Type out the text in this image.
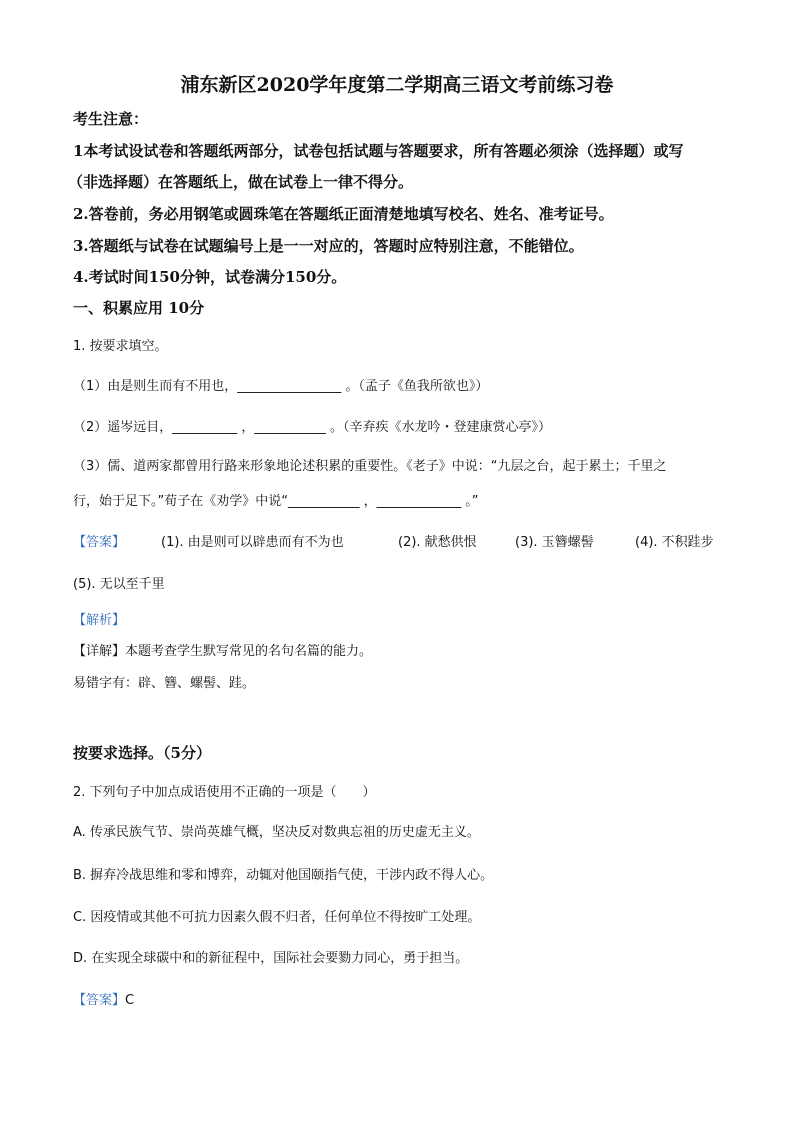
浦东新区2020学年度第二学期高三语文考前练习卷
考生注意：
1本考试设试卷和答题纸两部分，试卷包括试题与答题要求，所有答题必须涂（选择题）或写
（非选择题）在答题纸上，做在试卷上一律不得分。
2.答卷前，务必用钢笔或圆珠笔在答题纸正面清楚地填写校名、姓名、准考证号。
3.答题纸与试卷在试题编号上是一一对应的，答题时应特别注意，不能错位。
4.考试时间150分钟，试卷满分150分。
一、积累应用 10分
1. 按要求填空。
（1）由是则生而有不用也，________________ 。（孟子《鱼我所欲也》）
（2）遥岑远目，__________ ，___________ 。（辛弃疾《水龙吟・登建康赏心亭》）
（3）儒、道两家都曾用行路来形象地论述积累的重要性。《老子》中说：“九层之台，起于累土；千里之
行，始于足下。”荀子在《劝学》中说“___________ ，_____________ 。”
【答案】	(1). 由是则可以辟患而有不为也	(2). 献愁供恨	(3). 玉簪螺髻	(4). 不积跬步
(5). 无以至千里
【解析】
【详解】本题考查学生默写常见的名句名篇的能力。
易错字有：辟、簪、螺髻、跬。
按要求选择。（5分）
2. 下列句子中加点成语使用不正确的一项是（　　）
A. 传承民族气节、崇尚英雄气概，坚决反对数典忘祖的历史虚无主义。
B. 摒弃冷战思维和零和博弈，动辄对他国颐指气使，干涉内政不得人心。
C. 因疫情或其他不可抗力因素久假不归者，任何单位不得按旷工处理。
D. 在实现全球碳中和的新征程中，国际社会要勠力同心，勇于担当。
【答案】C
